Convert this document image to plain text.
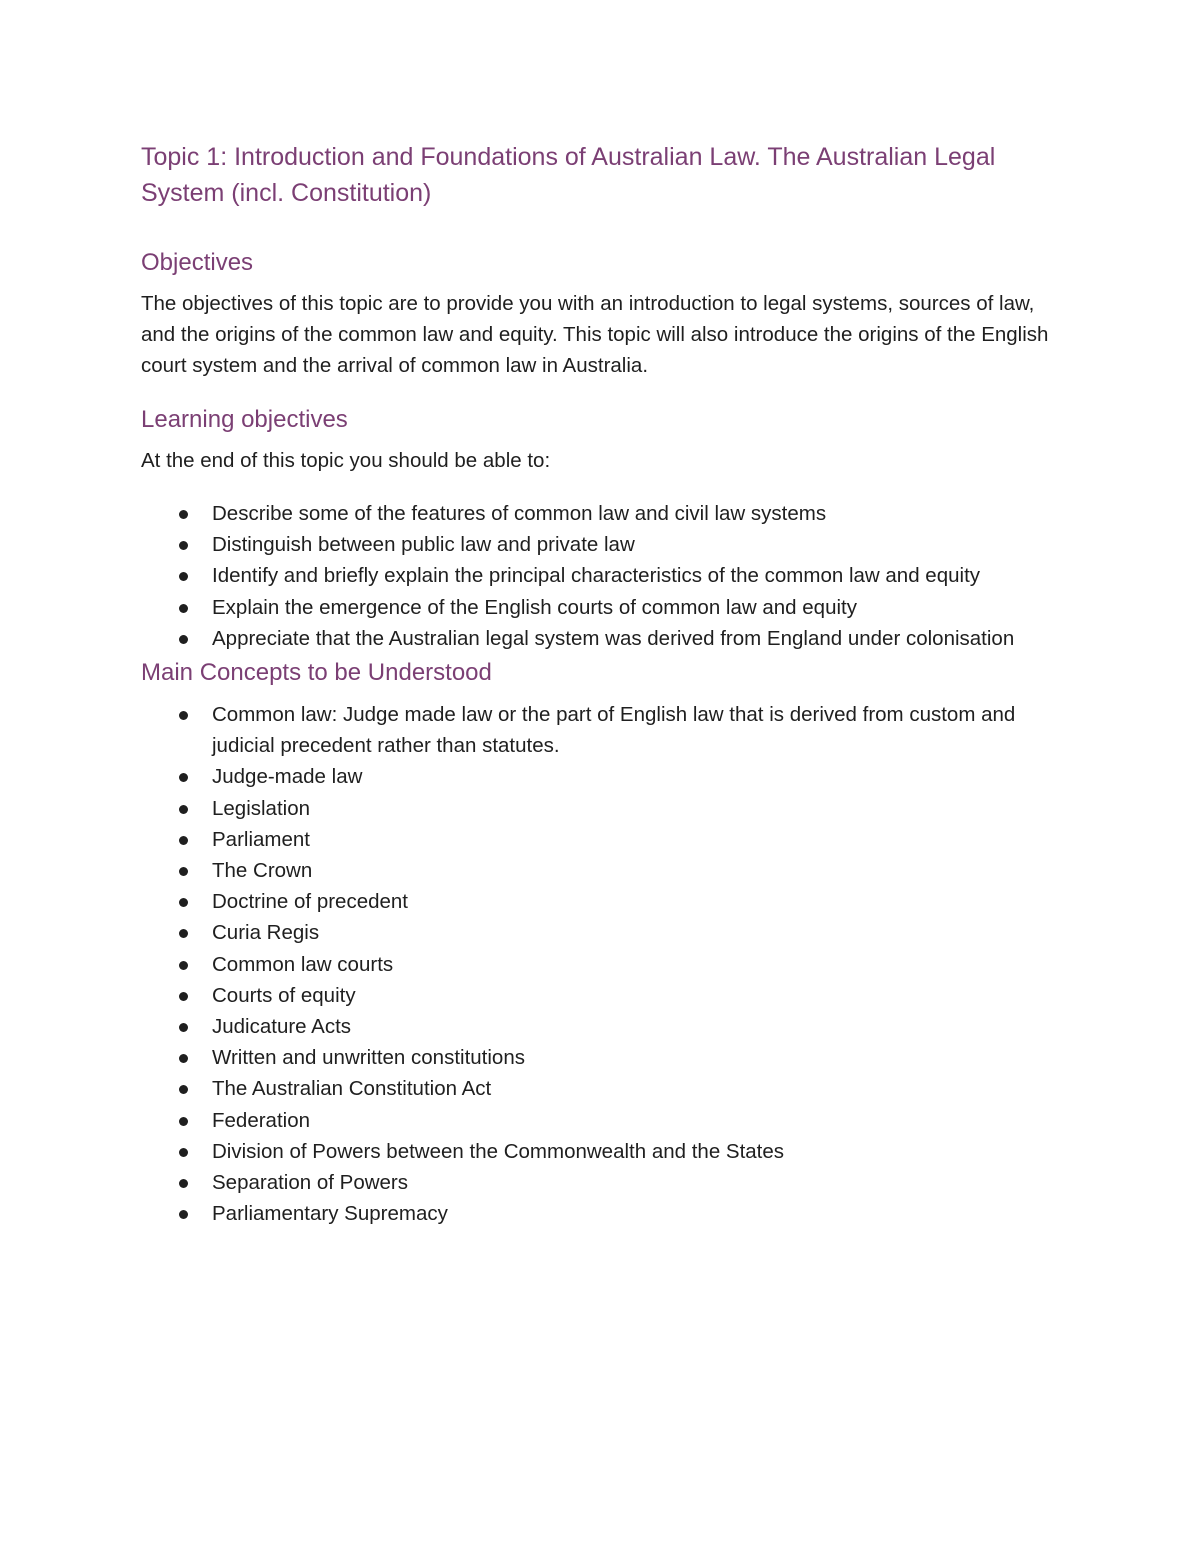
Topic 1: Introduction and Foundations of Australian Law. The Australian Legal System (incl. Constitution)
Objectives

The objectives of this topic are to provide you with an introduction to legal systems, sources of law, and the origins of the common law and equity. This topic will also introduce the origins of the English court system and the arrival of common law in Australia.

Learning objectives

At the end of this topic you should be able to:

Describe some of the features of common law and civil law systems
Distinguish between public law and private law
Identify and briefly explain the principal characteristics of the common law and equity
Explain the emergence of the English courts of common law and equity
Appreciate that the Australian legal system was derived from England under colonisation
Main Concepts to be Understood
Common law: Judge made law or the part of English law that is derived from custom and judicial precedent rather than statutes.
Judge-made law
Legislation
Parliament
The Crown
Doctrine of precedent
Curia Regis
Common law courts
Courts of equity
Judicature Acts
Written and unwritten constitutions
The Australian Constitution Act
Federation
Division of Powers between the Commonwealth and the States
Separation of Powers
Parliamentary Supremacy
